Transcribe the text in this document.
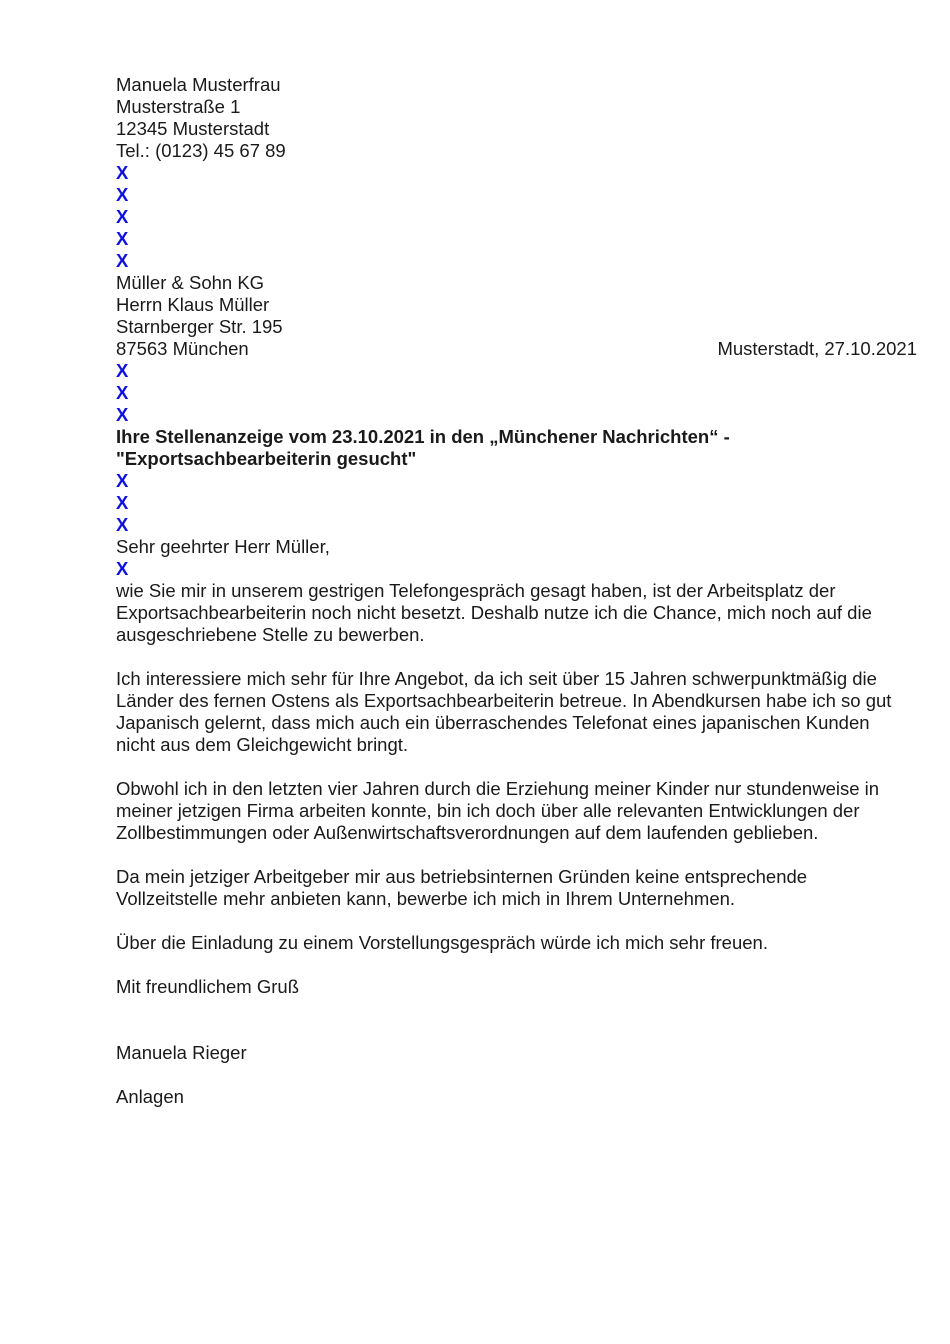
Manuela Musterfrau
Musterstraße 1
12345 Musterstadt
Tel.: (0123) 45 67 89
X
X
X
X
X
Müller & Sohn KG
Herrn Klaus Müller
Starnberger Str. 195
87563 München
X
X
X
Ihre Stellenanzeige vom 23.10.2021 in den „Münchener Nachrichten“ -
"Exportsachbearbeiterin gesucht"
X
X
X
Sehr geehrter Herr Müller,
X
Musterstadt, 27.10.2021
wie Sie mir in unserem gestrigen Telefongespräch gesagt haben, ist der Arbeitsplatz der
Exportsachbearbeiterin noch nicht besetzt. Deshalb nutze ich die Chance, mich noch auf die
ausgeschriebene Stelle zu bewerben.
Ich interessiere mich sehr für Ihre Angebot, da ich seit über 15 Jahren schwerpunktmäßig die
Länder des fernen Ostens als Exportsachbearbeiterin betreue. In Abendkursen habe ich so gut
Japanisch gelernt, dass mich auch ein überraschendes Telefonat eines japanischen Kunden
nicht aus dem Gleichgewicht bringt.
Obwohl ich in den letzten vier Jahren durch die Erziehung meiner Kinder nur stundenweise in
meiner jetzigen Firma arbeiten konnte, bin ich doch über alle relevanten Entwicklungen der
Zollbestimmungen oder Außenwirtschaftsverordnungen auf dem laufenden geblieben.
Da mein jetziger Arbeitgeber mir aus betriebsinternen Gründen keine entsprechende
Vollzeitstelle mehr anbieten kann, bewerbe ich mich in Ihrem Unternehmen.
Über die Einladung zu einem Vorstellungsgespräch würde ich mich sehr freuen.
Mit freundlichem Gruß
Manuela Rieger
Anlagen
